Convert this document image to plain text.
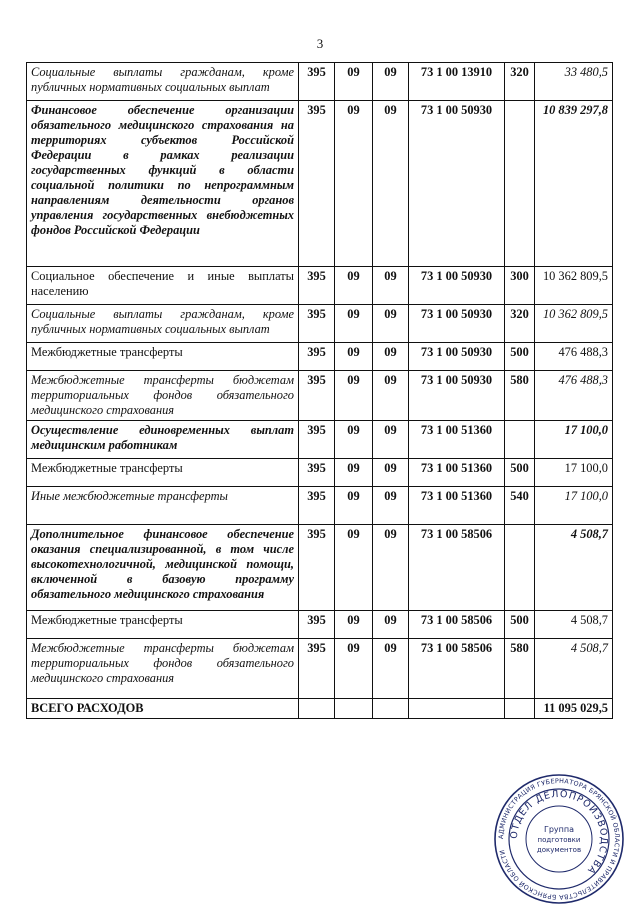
3
Социальные выплаты гражданам, кроме публичных нормативных социальных выплат	395	09	09	73 1 00 13910	320	33 480,5
Финансовое обеспечение организации обязательного медицинского страхования на территориях субъектов Российской Федерации в рамках реализации государственных функций в области социальной политики по непрограммным направлениям деятельности органов управления государственных внебюджетных фондов Российской Федерации	395	09	09	73 1 00 50930		10 839 297,8
Социальное обеспечение и иные выплаты населению	395	09	09	73 1 00 50930	300	10 362 809,5
Социальные выплаты гражданам, кроме публичных нормативных социальных выплат	395	09	09	73 1 00 50930	320	10 362 809,5
Межбюджетные трансферты	395	09	09	73 1 00 50930	500	476 488,3
Межбюджетные трансферты бюджетам территориальных фондов обязательного медицинского страхования	395	09	09	73 1 00 50930	580	476 488,3
Осуществление единовременных выплат медицинским работникам	395	09	09	73 1 00 51360		17 100,0
Межбюджетные трансферты	395	09	09	73 1 00 51360	500	17 100,0
Иные межбюджетные трансферты	395	09	09	73 1 00 51360	540	17 100,0
Дополнительное финансовое обеспечение оказания специализированной, в том числе высокотехнологичной, медицинской помощи, включенной в базовую программу обязательного медицинского страхования	395	09	09	73 1 00 58506		4 508,7
Межбюджетные трансферты	395	09	09	73 1 00 58506	500	4 508,7
Межбюджетные трансферты бюджетам территориальных фондов обязательного медицинского страхования	395	09	09	73 1 00 58506	580	4 508,7
ВСЕГО РАСХОДОВ						11 095 029,5
АДМИНИСТРАЦИЯ ГУБЕРНАТОРА БРЯНСКОЙ ОБЛАСТИ И ПРАВИТЕЛЬСТВА БРЯНСКОЙ ОБЛАСТИ
ОТДЕЛ ДЕЛОПРОИЗВОДСТВА
Группа
подготовки
документов
